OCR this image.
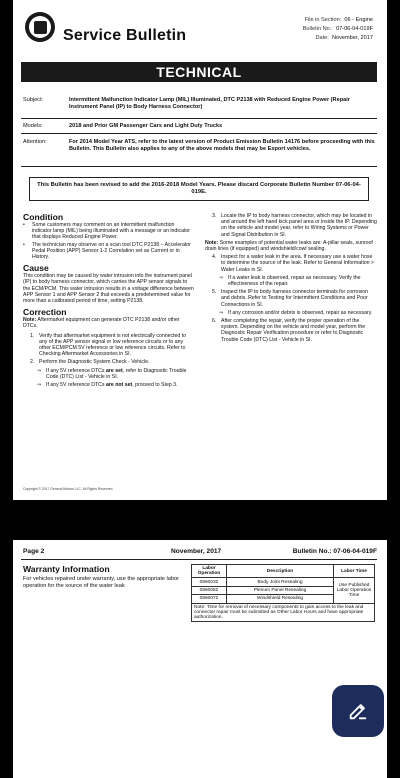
Service Bulletin
File in Section: 06 - Engine
Bulletin No.: 07-06-04-019F
Date: November, 2017
TECHNICAL
Subject:	Intermittent Malfunction Indicator Lamp (MIL) Illuminated, DTC P2138 with Reduced Engine Power (Repair Instrument Panel (IP) to Body Harness Connector)
Models:	2018 and Prior GM Passenger Cars and Light Duty Trucks
Attention:	For 2014 Model Year ATS, refer to the latest version of Product Emission Bulletin 14176 before proceeding with this Bulletin. This Bulletin also applies to any of the above models that may be Export vehicles.
This Bulletin has been revised to add the 2016-2018 Model Years. Please discard Corporate Bulletin Number 07-06-04-019E.
Condition
•	Some customers may comment on an intermittent malfunction indicator lamp (MIL) being illuminated with a message or an indicator that displays Reduced Engine Power.
•	The technician may observe on a scan tool DTC P2138 – Accelerator Pedal Position (APP) Sensor 1-2 Correlation set as Current or in History.
Cause
This condition may be caused by water intrusion into the instrument panel (IP) to body harness connector, which carries the APP sensor signals to the ECM/PCM. This water intrusion results in a voltage difference between APP Sensor 1 and APP Sensor 2 that exceeds a predetermined value for more than a calibrated period of time, setting P2138.
Correction
Note: Aftermarket equipment can generate DTC P2138 and/or other DTCs.
1. Verify that aftermarket equipment is not electrically connected to any of the APP sensor signal or low reference circuits or to any other ECM/PCM 5V reference or low reference circuits. Refer to Checking Aftermarket Accessories in SI.
2. Perform the Diagnostic System Check - Vehicle.
⇒ If any 5V reference DTCs are set, refer to Diagnostic Trouble Code (DTC) List - Vehicle in SI.
⇒ If any 5V reference DTCs are not set, proceed to Step 3.
3. Locate the IP to body harness connector, which may be located in and around the left hand kick panel area or inside the IP. Depending on the vehicle and model year, refer to Wiring Systems or Power and Signal Distribution in SI.
Note: Some examples of potential water leaks are: A-pillar seals, sunroof drain lines (if equipped) and windshield/cowl sealing.
4. Inspect for a water leak in the area. If necessary use a water hose to determine the source of the leak. Refer to General Information > Water Leaks in SI.
⇒ If a water leak is observed, repair as necessary. Verify the effectiveness of the repair.
5. Inspect the IP to body harness connector terminals for corrosion and debris. Refer to Testing for Intermittent Conditions and Poor Connections in SI.
⇒ If any corrosion and/or debris is observed, repair as necessary.
6. After completing the repair, verify the proper operation of the system. Depending on the vehicle and model year, perform the Diagnostic Repair Verification procedure or refer to Diagnostic Trouble Code (DTC) List - Vehicle in SI.
Copyright © 2017 General Motors LLC. All Rights Reserved.
Page 2	November, 2017	Bulletin No.: 07-06-04-019F
Warranty Information
For vehicles repaired under warranty, use the appropriate labor operation for the source of the water leak
Labor Operation	Description	Labor Time
0560032	Body Joint Resealing	Use Published Labor Operation Time
0560052	Plenum Panel Resealing	
0560072	Windshield Resealing	
Note: Time for removal of necessary components to gain access to the leak and connector repair must be submitted as Other Labor Hours and have appropriate authorization.		
